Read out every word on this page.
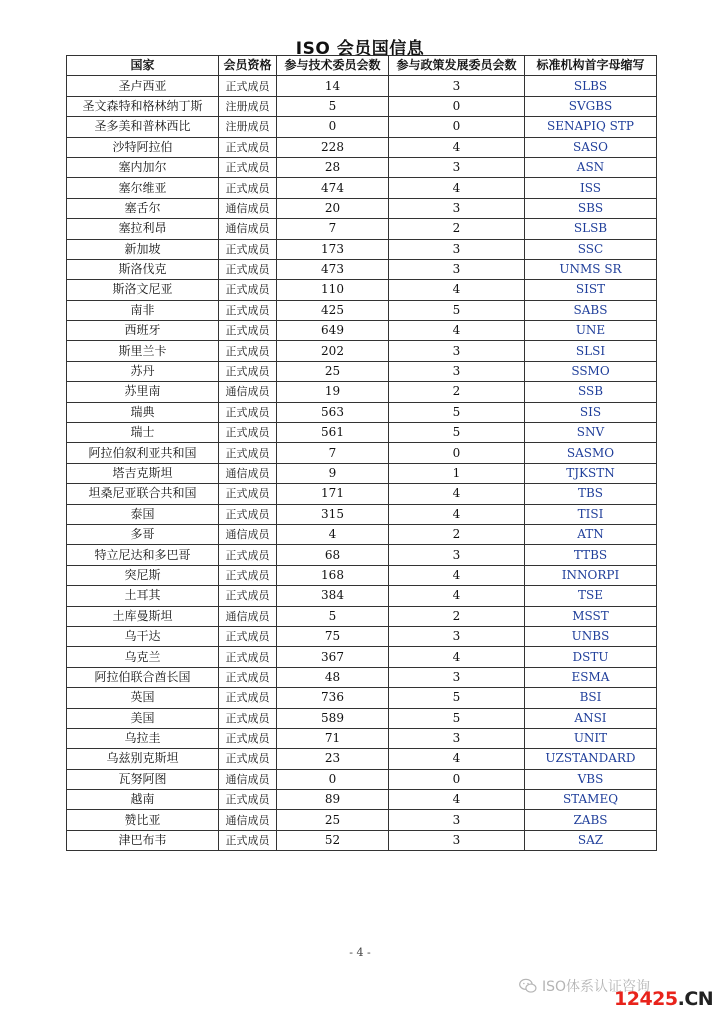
ISO 会员国信息
国家	会员资格	参与技术委员会数	参与政策发展委员会数	标准机构首字母缩写
圣卢西亚	正式成员	14	3	SLBS
圣文森特和格林纳丁斯	注册成员	5	0	SVGBS
圣多美和普林西比	注册成员	0	0	SENAPIQ STP
沙特阿拉伯	正式成员	228	4	SASO
塞内加尔	正式成员	28	3	ASN
塞尔维亚	正式成员	474	4	ISS
塞舌尔	通信成员	20	3	SBS
塞拉利昂	通信成员	7	2	SLSB
新加坡	正式成员	173	3	SSC
斯洛伐克	正式成员	473	3	UNMS SR
斯洛文尼亚	正式成员	110	4	SIST
南非	正式成员	425	5	SABS
西班牙	正式成员	649	4	UNE
斯里兰卡	正式成员	202	3	SLSI
苏丹	正式成员	25	3	SSMO
苏里南	通信成员	19	2	SSB
瑞典	正式成员	563	5	SIS
瑞士	正式成员	561	5	SNV
阿拉伯叙利亚共和国	正式成员	7	0	SASMO
塔吉克斯坦	通信成员	9	1	TJKSTN
坦桑尼亚联合共和国	正式成员	171	4	TBS
泰国	正式成员	315	4	TISI
多哥	通信成员	4	2	ATN
特立尼达和多巴哥	正式成员	68	3	TTBS
突尼斯	正式成员	168	4	INNORPI
土耳其	正式成员	384	4	TSE
土库曼斯坦	通信成员	5	2	MSST
乌干达	正式成员	75	3	UNBS
乌克兰	正式成员	367	4	DSTU
阿拉伯联合酋长国	正式成员	48	3	ESMA
英国	正式成员	736	5	BSI
美国	正式成员	589	5	ANSI
乌拉圭	正式成员	71	3	UNIT
乌兹别克斯坦	正式成员	23	4	UZSTANDARD
瓦努阿图	通信成员	0	0	VBS
越南	正式成员	89	4	STAMEQ
赞比亚	通信成员	25	3	ZABS
津巴布韦	正式成员	52	3	SAZ
- 4 -
ISO体系认证咨询
12425.CN
